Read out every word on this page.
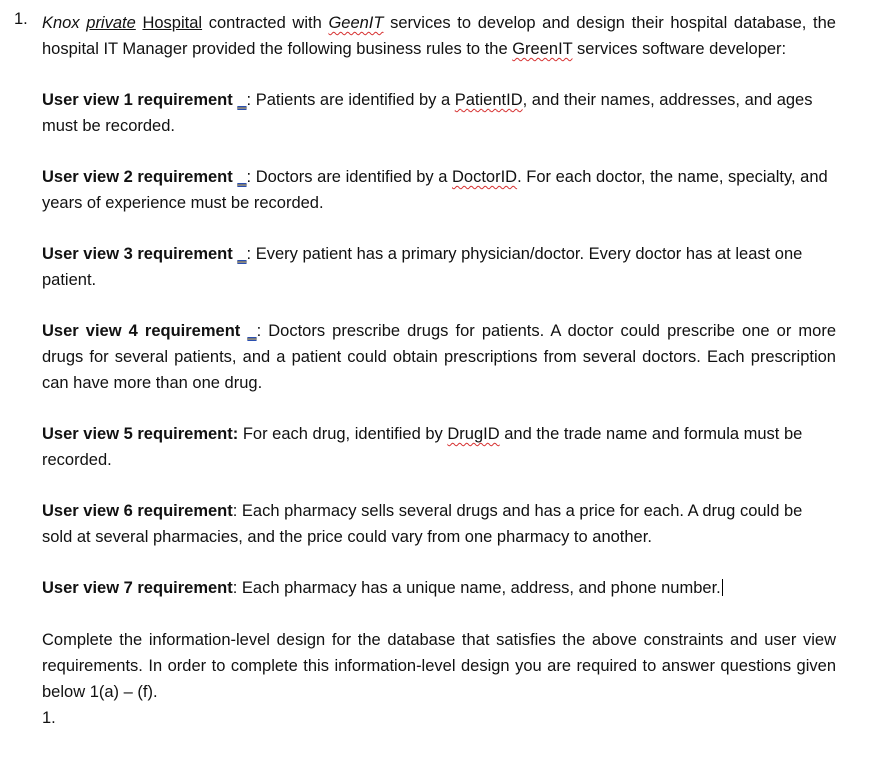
1. Knox private Hospital contracted with GeenIT services to develop and design their hospital database, the hospital IT Manager provided the following business rules to the GreenIT services software developer:

User view 1 requirement _: Patients are identified by a PatientID, and their names, addresses, and ages must be recorded.

User view 2 requirement _: Doctors are identified by a DoctorID. For each doctor, the name, specialty, and years of experience must be recorded.

User view 3 requirement _: Every patient has a primary physician/doctor. Every doctor has at least one patient.

User view 4 requirement _: Doctors prescribe drugs for patients. A doctor could prescribe one or more drugs for several patients, and a patient could obtain prescriptions from several doctors. Each prescription can have more than one drug.

User view 5 requirement: For each drug, identified by DrugID and the trade name and formula must be recorded.

User view 6 requirement: Each pharmacy sells several drugs and has a price for each. A drug could be sold at several pharmacies, and the price could vary from one pharmacy to another.

User view 7 requirement: Each pharmacy has a unique name, address, and phone number.

Complete the information-level design for the database that satisfies the above constraints and user view requirements. In order to complete this information-level design you are required to answer questions given below 1(a) – (f).

1.
